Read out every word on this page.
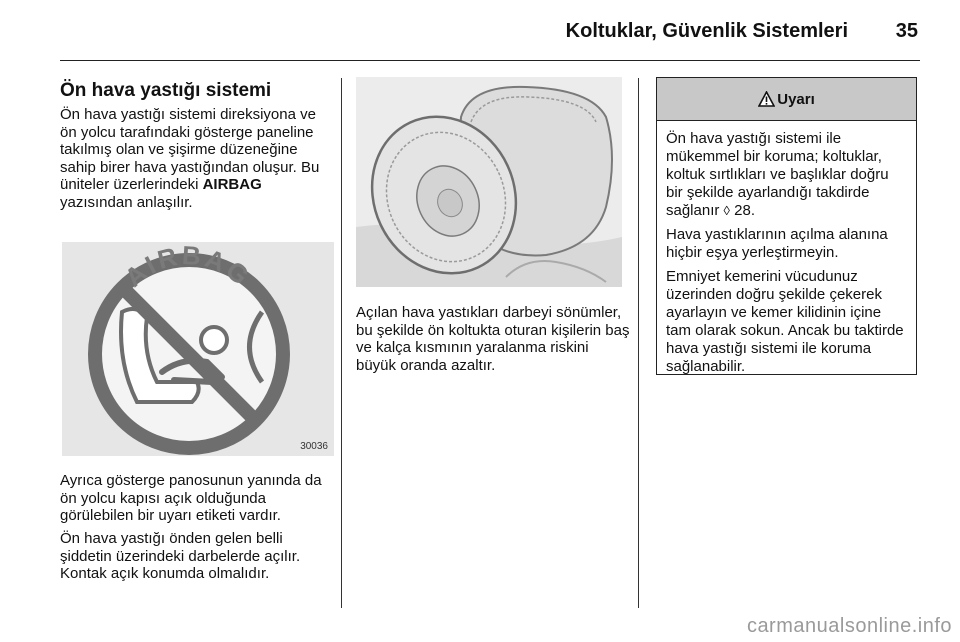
Koltuklar, Güvenlik Sistemleri 35
Ön hava yastığı sistemi

Ön hava yastığı sistemi direksiyona ve ön yolcu tarafındaki gösterge paneline takılmış olan ve şişirme düzeneğine sahip birer hava yastığından oluşur. Bu üniteler üzerlerindeki AIRBAG yazısından anlaşılır.

AIRBAG
30036

Ayrıca gösterge panosunun yanında da ön yolcu kapısı açık olduğunda görülebilen bir uyarı etiketi vardır.

Ön hava yastığı önden gelen belli şiddetin üzerindeki darbelerde açılır. Kontak açık konumda olmalıdır.

Açılan hava yastıkları darbeyi sönümler, bu şekilde ön koltukta oturan kişilerin baş ve kalça kısmının yaralanma riskini büyük oranda azaltır.

Uyarı

Ön hava yastığı sistemi ile mükemmel bir koruma; koltuklar, koltuk sırtlıkları ve başlıklar doğru bir şekilde ayarlandığı takdirde sağlanır ◊ 28.

Hava yastıklarının açılma alanına hiçbir eşya yerleştirmeyin.

Emniyet kemerini vücudunuz üzerinden doğru şekilde çekerek ayarlayın ve kemer kilidinin içine tam olarak sokun. Ancak bu taktirde hava yastığı sistemi ile koruma sağlanabilir.

carmanualsonline.info
